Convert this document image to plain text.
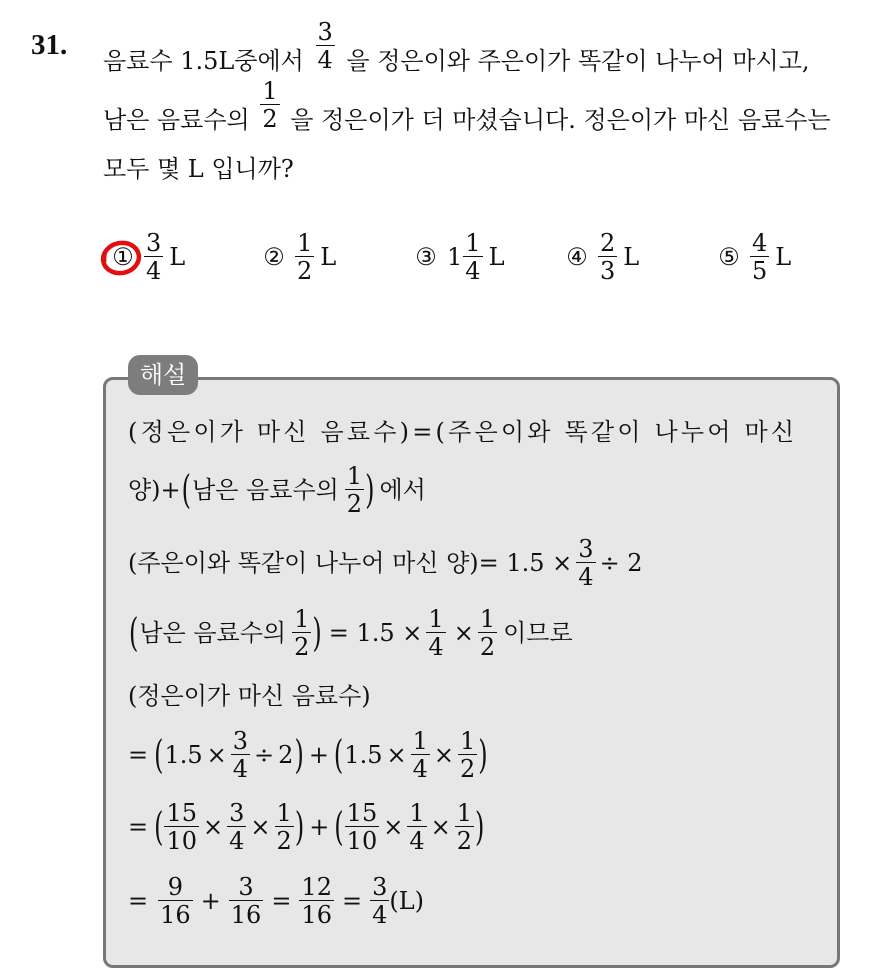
31. 음료수 1.5L중에서 $\frac{3}{4}$ 을 정은이와 주은이가 똑같이 나누어 마시고,
남은 음료수의 $\frac{1}{2}$ 을 정은이가 더 마셨습니다. 정은이가 마신 음료수는
모두 몇 L 입니까?
① $\frac{3}{4}$ L	② $\frac{1}{2}$ L	③ $1 \frac{1}{4}$ L	④ $\frac{2}{3}$ L	⑤ $\frac{4}{5}$ L
해설
(정은이가 마신 음료수)=(주은이와 똑같이 나누어 마신
양)+ ( 남은 음료수의 $\frac{1}{2}$ ) 에서
(주은이와 똑같이 나누어 마신 양)= $1.5 \times \frac{3}{4} \div 2$
( 남은 음료수의 $\frac{1}{2}$ ) = $1.5 \times \frac{1}{4} \times \frac{1}{2}$ 이므로
(정은이가 마신 음료수)
= ( $1.5 \times \frac{3}{4} \div 2$ ) + ( $1.5 \times \frac{1}{4} \times \frac{1}{2}$ )
= ( $\frac{15}{10} \times \frac{3}{4} \times \frac{1}{2}$ ) + ( $\frac{15}{10} \times \frac{1}{4} \times \frac{1}{2}$ )
= $\frac{9}{16} + \frac{3}{16} = \frac{12}{16} = \frac{3}{4} (L)$
